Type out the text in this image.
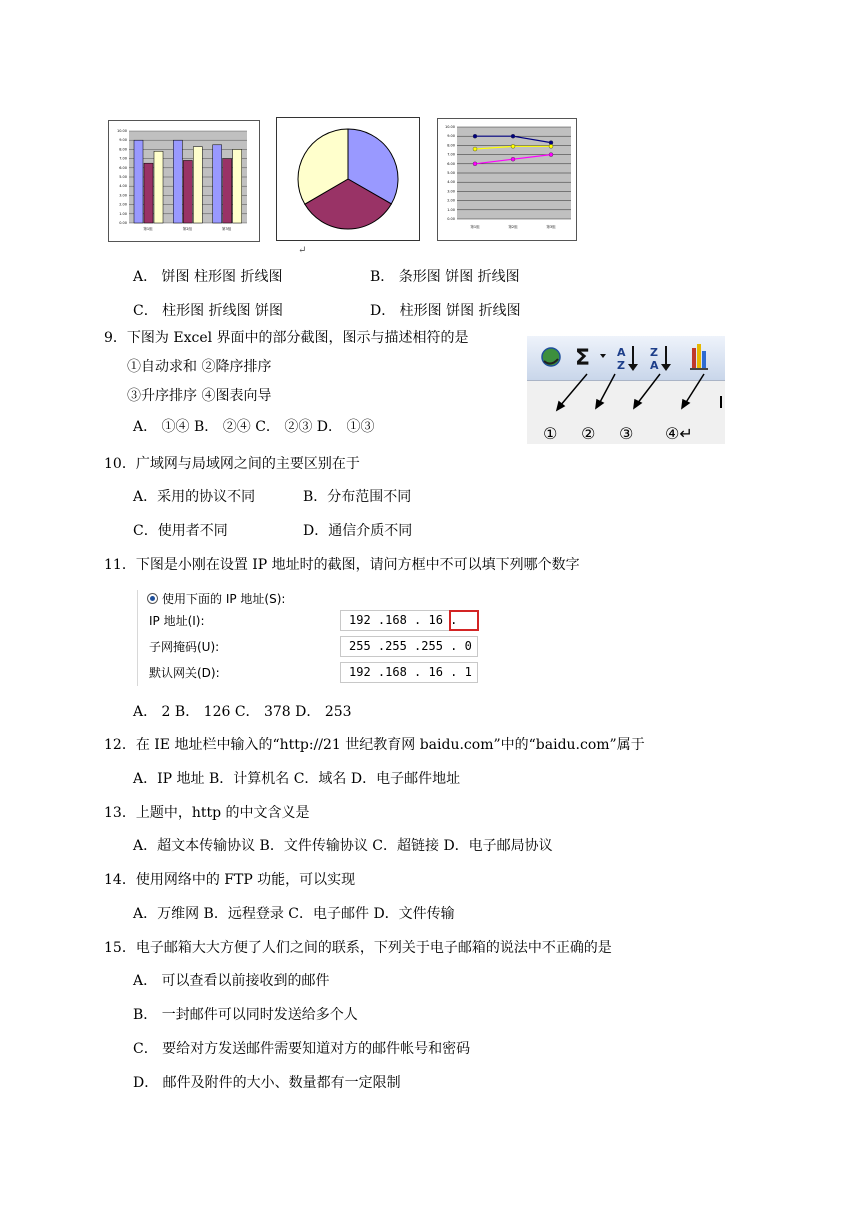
10.00
9.00
8.00
7.00
6.00
5.00
4.00
3.00
2.00
1.00
0.00
第1组	第2组	第3组
↵
10.00
9.00
8.00
7.00
6.00
5.00
4.00
3.00
2.00
1.00
0.00
第1组	第2组	第3组
A． 饼图 柱形图 折线图	B． 条形图 饼图 折线图
C． 柱形图 折线图 饼图	D． 柱形图 饼图 折线图
9．下图为 Excel 界面中的部分截图，图示与描述相符的是
①自动求和 ②降序排序
③升序排序 ④图表向导
A． ①④ B． ②④ C． ②③ D． ①③
Σ A
Z
Z
A
① ② ③ ④↵
10．广域网与局域网之间的主要区别在于
A．采用的协议不同	B．分布范围不同
C．使用者不同	D．通信介质不同
11．下图是小刚在设置 IP 地址时的截图，请问方框中不可以填下列哪个数字
使用下面的 IP 地址(S):
IP 地址(I):	192 .168 . 16 .
子网掩码(U):	255 .255 .255 . 0
默认网关(D):	192 .168 . 16 . 1
A． 2 B． 126 C． 378 D． 253
12．在 IE 地址栏中输入的“http://21 世纪教育网 baidu.com”中的“baidu.com”属于
A．IP 地址 B．计算机名 C．域名 D．电子邮件地址
13．上题中，http 的中文含义是
A．超文本传输协议 B．文件传输协议 C．超链接 D．电子邮局协议
14．使用网络中的 FTP 功能，可以实现
A．万维网 B．远程登录 C．电子邮件 D．文件传输
15．电子邮箱大大方便了人们之间的联系，下列关于电子邮箱的说法中不正确的是
A． 可以查看以前接收到的邮件
B． 一封邮件可以同时发送给多个人
C． 要给对方发送邮件需要知道对方的邮件帐号和密码
D． 邮件及附件的大小、数量都有一定限制
